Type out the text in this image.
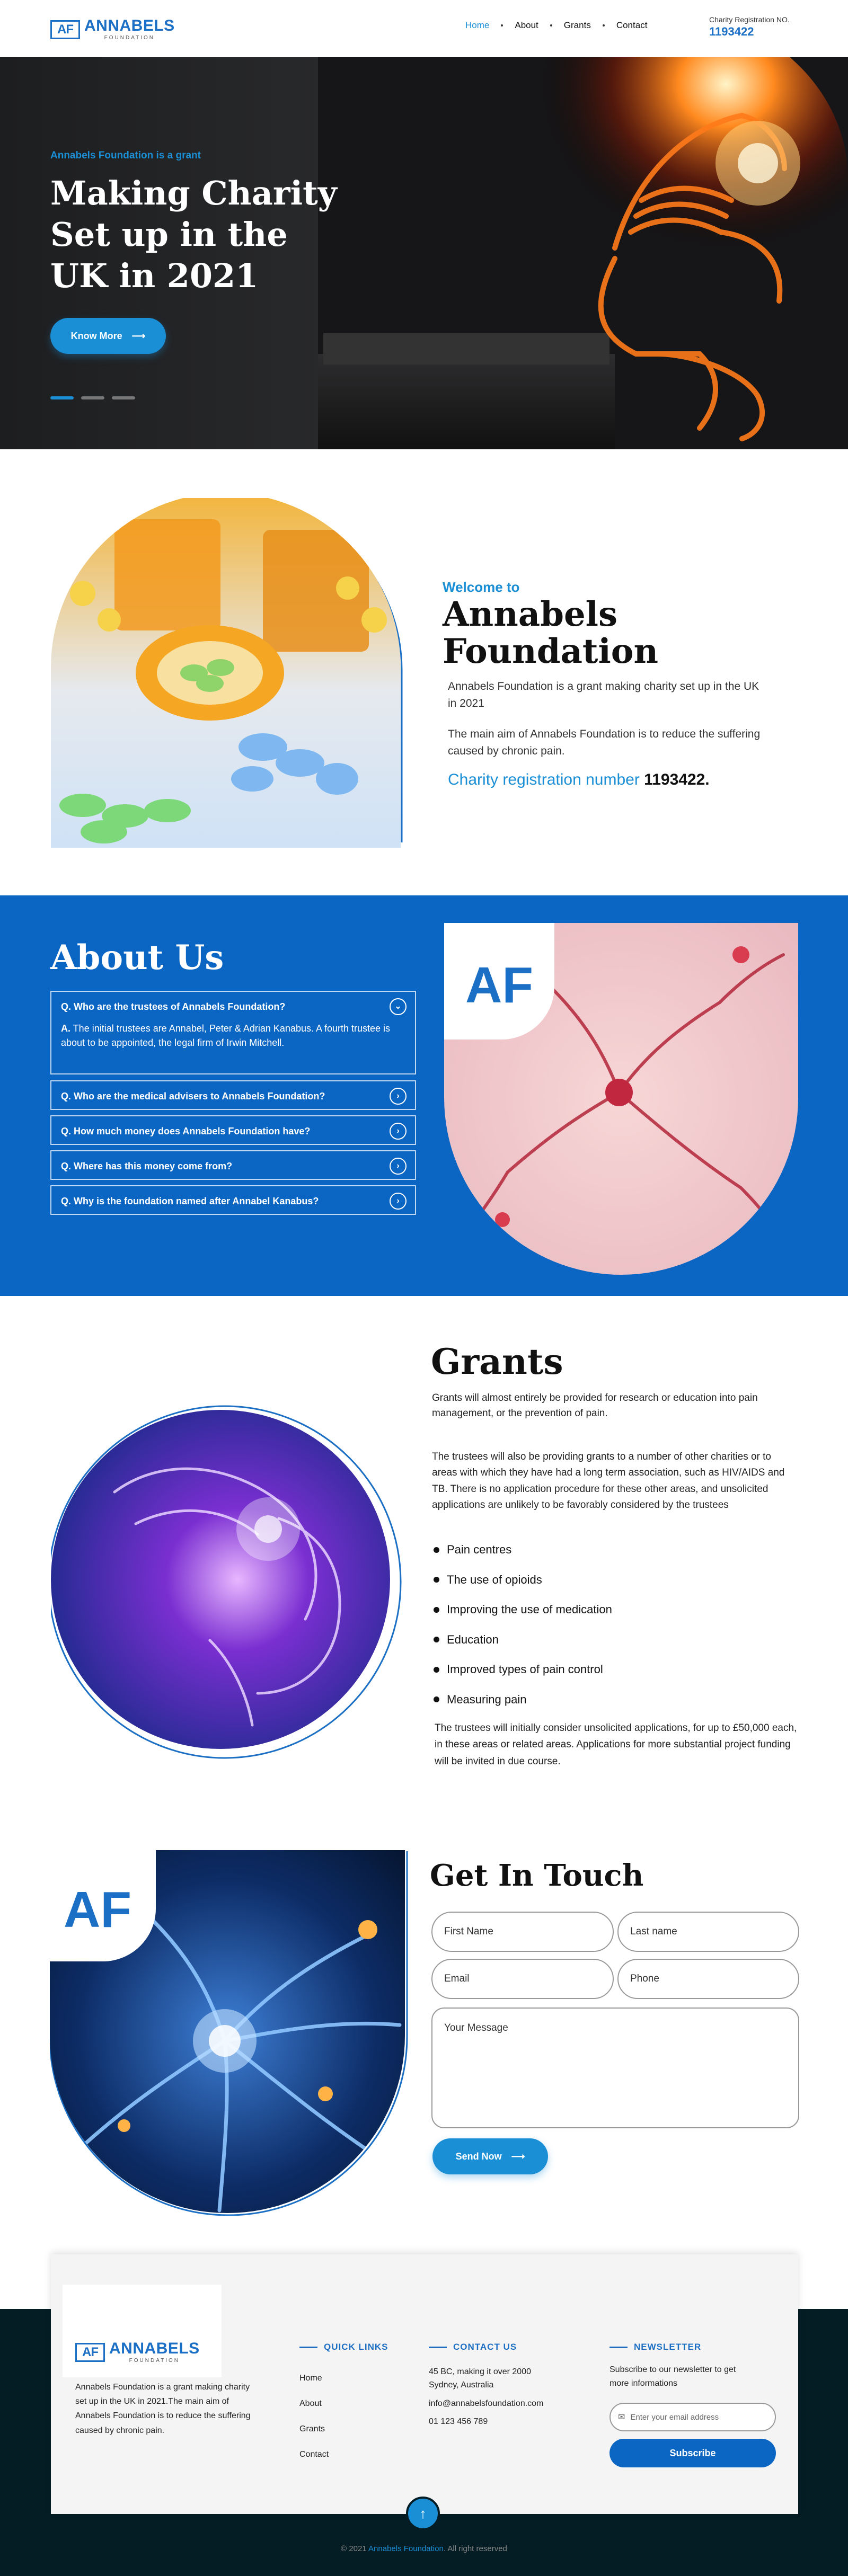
AF ANNABELS
FOUNDATION
Home	About	Grants	Contact
Charity Registration NO.
1193422
Annabels Foundation is a grant
Making Charity Set up in the UK in 2021
Know More ⟶
Welcome to
Annabels Foundation

Annabels Foundation is a grant making charity set up in the UK in 2021

The main aim of Annabels Foundation is to reduce the suffering caused by chronic pain.

Charity registration number 1193422.
About Us
Q. Who are the trustees of Annabels Foundation?	⌄
A. The initial trustees are Annabel, Peter & Adrian Kanabus. A fourth trustee is about to be appointed, the legal firm of Irwin Mitchell.
Q. Who are the medical advisers to Annabels Foundation?	›
Q. How much money does Annabels Foundation have?	›
Q. Where has this money come from?	›
Q. Why is the foundation named after Annabel Kanabus?	›
AF
Grants

Grants will almost entirely be provided for research or education into pain management, or the prevention of pain.

The trustees will also be providing grants to a number of other charities or to areas with which they have had a long term association, such as HIV/AIDS and TB. There is no application procedure for these other areas, and unsolicited applications are unlikely to be favorably considered by the trustees

Pain centres
The use of opioids
Improving the use of medication
Education
Improved types of pain control
Measuring pain

The trustees will initially consider unsolicited applications, for up to £50,000 each, in these areas or related areas. Applications for more substantial project funding will be invited in due course.

AF
Get In Touch
First Name
Last name
Email
Phone
Your Message
Send Now ⟶
AF ANNABELS
FOUNDATION

Annabels Foundation is a grant making charity set up in the UK in 2021.The main aim of Annabels Foundation is to reduce the suffering caused by chronic pain.

QUICK LINKS
Home
About
Grants
Contact
CONTACT US
45 BC, making it over 2000 Sydney, Australia
info@annabelsfoundation.com
01 123 456 789
NEWSLETTER

Subscribe to our newsletter to get more informations

✉
Enter your email address
Subscribe
↑
© 2021 Annabels Foundation. All right reserved
